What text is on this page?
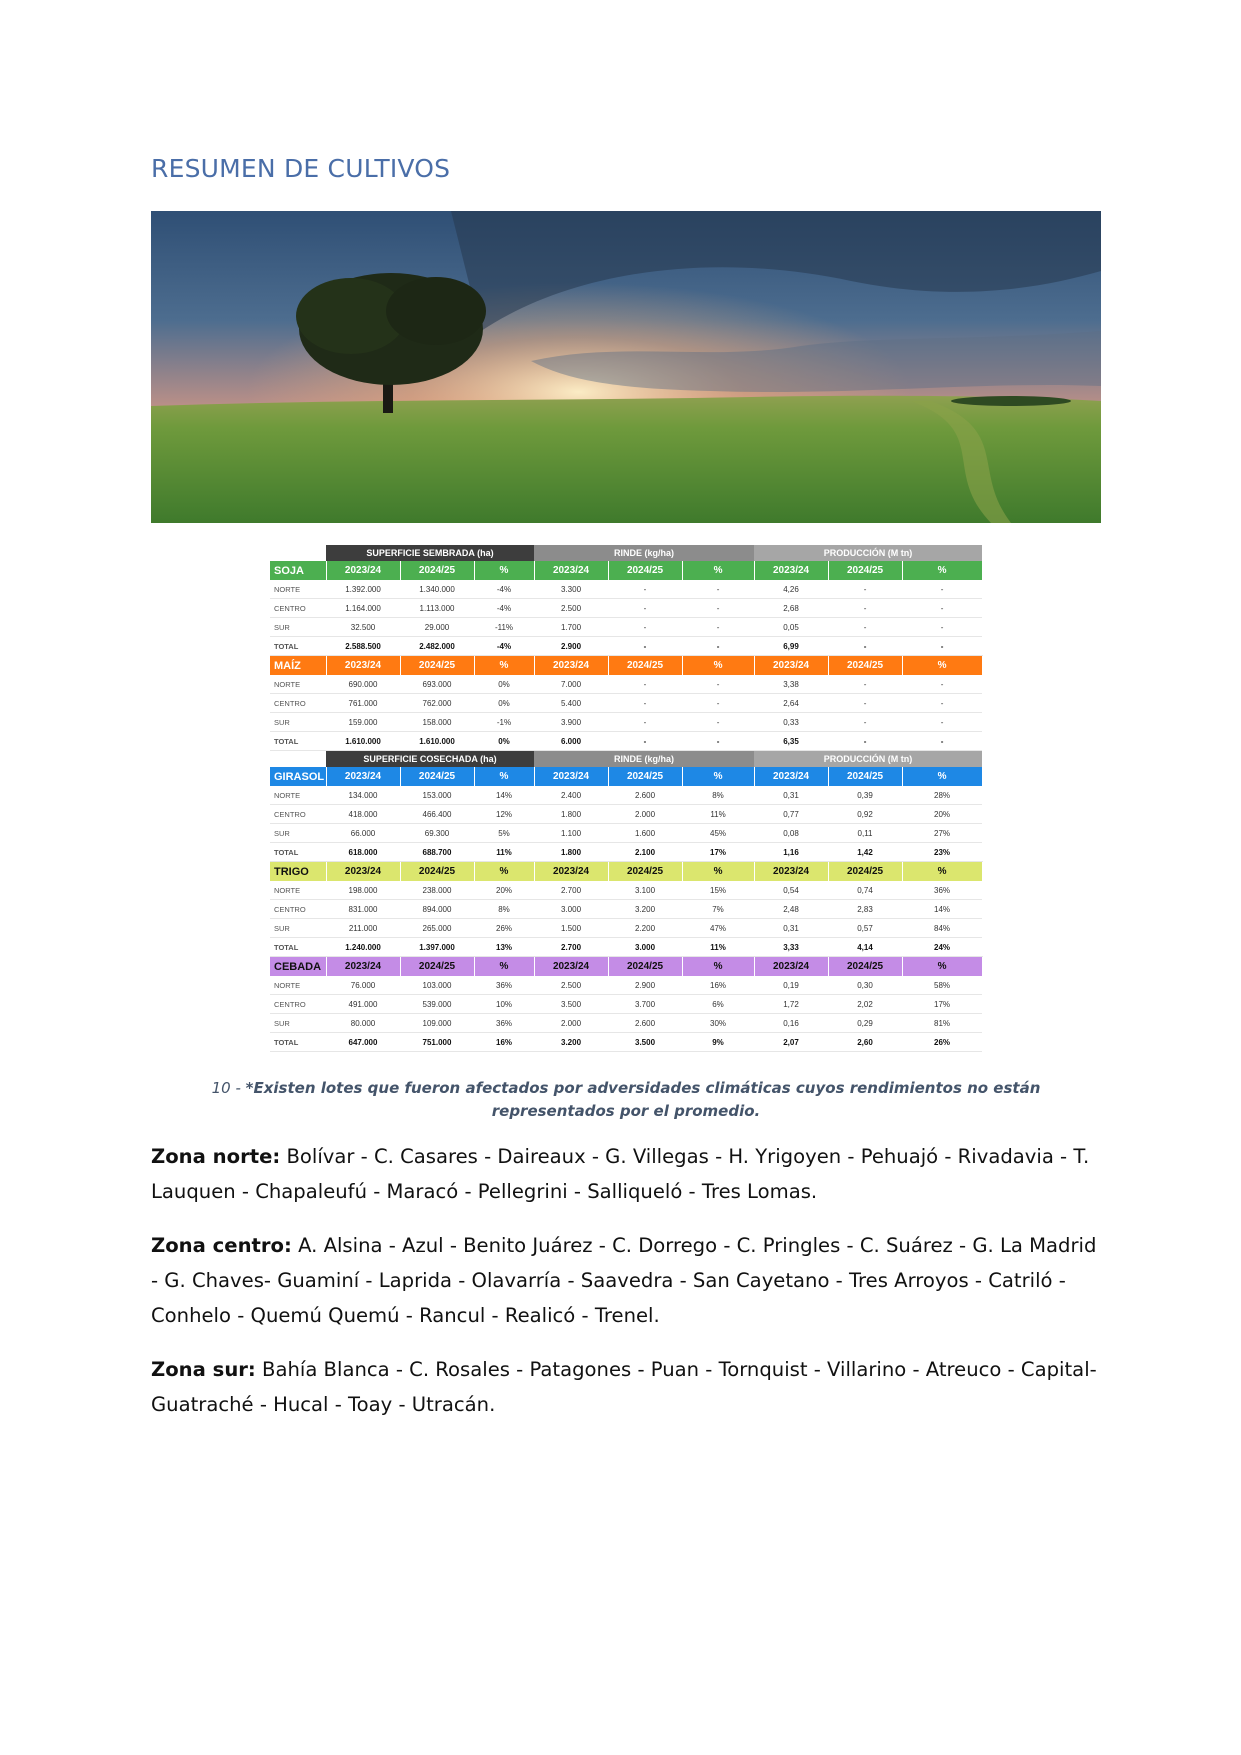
RESUMEN DE CULTIVOS
	SUPERFICIE SEMBRADA (ha)			RINDE (kg/ha)			PRODUCCIÓN (M tn)		
SOJA	2023/24	2024/25	%	2023/24	2024/25	%	2023/24	2024/25	%
NORTE	1.392.000	1.340.000	-4%	3.300	-	-	4,26	-	-
CENTRO	1.164.000	1.113.000	-4%	2.500	-	-	2,68	-	-
SUR	32.500	29.000	-11%	1.700	-	-	0,05	-	-
TOTAL	2.588.500	2.482.000	-4%	2.900	-	-	6,99	-	-
MAÍZ	2023/24	2024/25	%	2023/24	2024/25	%	2023/24	2024/25	%
NORTE	690.000	693.000	0%	7.000	-	-	3,38	-	-
CENTRO	761.000	762.000	0%	5.400	-	-	2,64	-	-
SUR	159.000	158.000	-1%	3.900	-	-	0,33	-	-
TOTAL	1.610.000	1.610.000	0%	6.000	-	-	6,35	-	-
	SUPERFICIE COSECHADA (ha)			RINDE (kg/ha)			PRODUCCIÓN (M tn)		
GIRASOL	2023/24	2024/25	%	2023/24	2024/25	%	2023/24	2024/25	%
NORTE	134.000	153.000	14%	2.400	2.600	8%	0,31	0,39	28%
CENTRO	418.000	466.400	12%	1.800	2.000	11%	0,77	0,92	20%
SUR	66.000	69.300	5%	1.100	1.600	45%	0,08	0,11	27%
TOTAL	618.000	688.700	11%	1.800	2.100	17%	1,16	1,42	23%
TRIGO	2023/24	2024/25	%	2023/24	2024/25	%	2023/24	2024/25	%
NORTE	198.000	238.000	20%	2.700	3.100	15%	0,54	0,74	36%
CENTRO	831.000	894.000	8%	3.000	3.200	7%	2,48	2,83	14%
SUR	211.000	265.000	26%	1.500	2.200	47%	0,31	0,57	84%
TOTAL	1.240.000	1.397.000	13%	2.700	3.000	11%	3,33	4,14	24%
CEBADA	2023/24	2024/25	%	2023/24	2024/25	%	2023/24	2024/25	%
NORTE	76.000	103.000	36%	2.500	2.900	16%	0,19	0,30	58%
CENTRO	491.000	539.000	10%	3.500	3.700	6%	1,72	2,02	17%
SUR	80.000	109.000	36%	2.000	2.600	30%	0,16	0,29	81%
TOTAL	647.000	751.000	16%	3.200	3.500	9%	2,07	2,60	26%
10 - *Existen lotes que fueron afectados por adversidades climáticas cuyos rendimientos no están representados por el promedio.

Zona norte: Bolívar - C. Casares - Daireaux - G. Villegas - H. Yrigoyen - Pehuajó - Rivadavia - T. Lauquen - Chapaleufú - Maracó - Pellegrini - Salliqueló - Tres Lomas.

Zona centro: A. Alsina - Azul - Benito Juárez - C. Dorrego - C. Pringles - C. Suárez - G. La Madrid - G. Chaves- Guaminí - Laprida - Olavarría - Saavedra - San Cayetano - Tres Arroyos - Catriló - Conhelo - Quemú Quemú - Rancul - Realicó - Trenel.

Zona sur: Bahía Blanca - C. Rosales - Patagones - Puan - Tornquist - Villarino - Atreuco - Capital- Guatraché - Hucal - Toay - Utracán.
